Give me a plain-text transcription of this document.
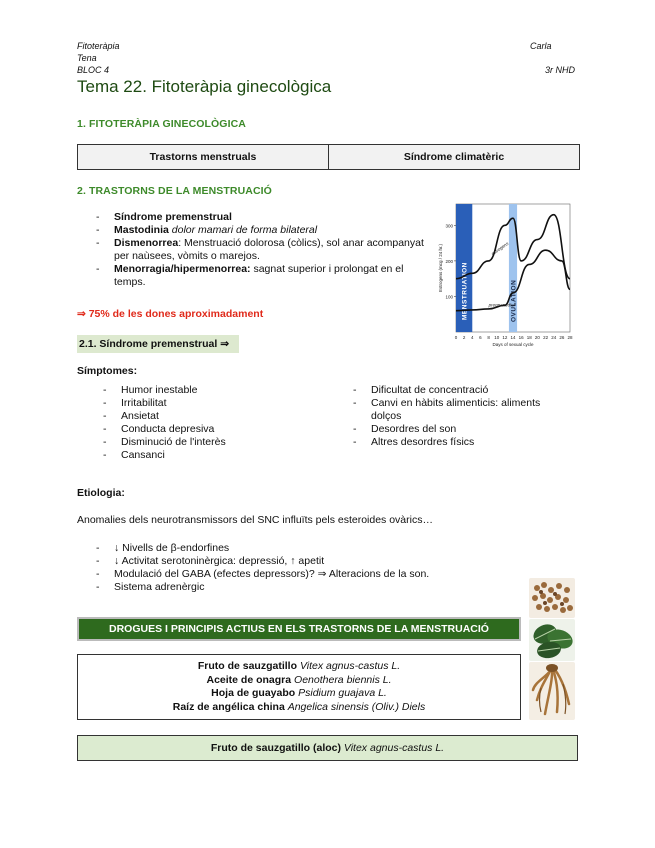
Fitoteràpia
Tena
BLOC 4
Carla
3r NHD
Tema 22. Fitoteràpia ginecològica
1. FITOTERÀPIA GINECOLÒGICA
Trastorns menstruals	Síndrome climatèric
2. TRASTORNS DE LA MENSTRUACIÓ
- Síndrome premenstrual
- Mastodinia dolor mamari de forma bilateral
- Dismenorrea: Menstruació dolorosa (còlics), sol anar acompanyat per naùsees, vòmits o marejos.
- Menorragia/hipermenorrea: sagnat superior i prolongat en el temps.
⇒ 75% de les dones aproximadament	MENSTRUATION	OVULATION
100
200
300
0 2 4 6 8 10 12 14 16 18 20 22 24 26 28
Days of sexual cycle
Estrogens (mcg / 24 hr.)	estrogens
pregnanediol
2.1. Síndrome premenstrual ⇒
Símptomes:
- Humor inestable
- Irritabilitat
- Ansietat
- Conducta depresiva
- Disminució de l'interès
- Cansanci
- Dificultat de concentració
- Canvi en hàbits alimenticis: aliments dolços
- Desordres del son
- Altres desordres físics
Etiologia:
Anomalies dels neurotransmissors del SNC influïts pels esteroides ovàrics…
- ↓ Nivells de β-endorfines
- ↓ Activitat serotoninèrgica: depressió, ↑ apetit
- Modulació del GABA (efectes depressors)? ⇒ Alteracions de la son.
- Sistema adrenèrgic
DROGUES I PRINCIPIS ACTIUS EN ELS TRASTORNS DE LA MENSTRUACIÓ
Fruto de sauzgatillo Vitex agnus-castus L.
Aceite de onagra Oenothera biennis L.
Hoja de guayabo Psidium guajava L.
Raíz de angélica china Angelica sinensis (Oliv.) Diels
Fruto de sauzgatillo (aloc)
Vitex agnus-castus L.
